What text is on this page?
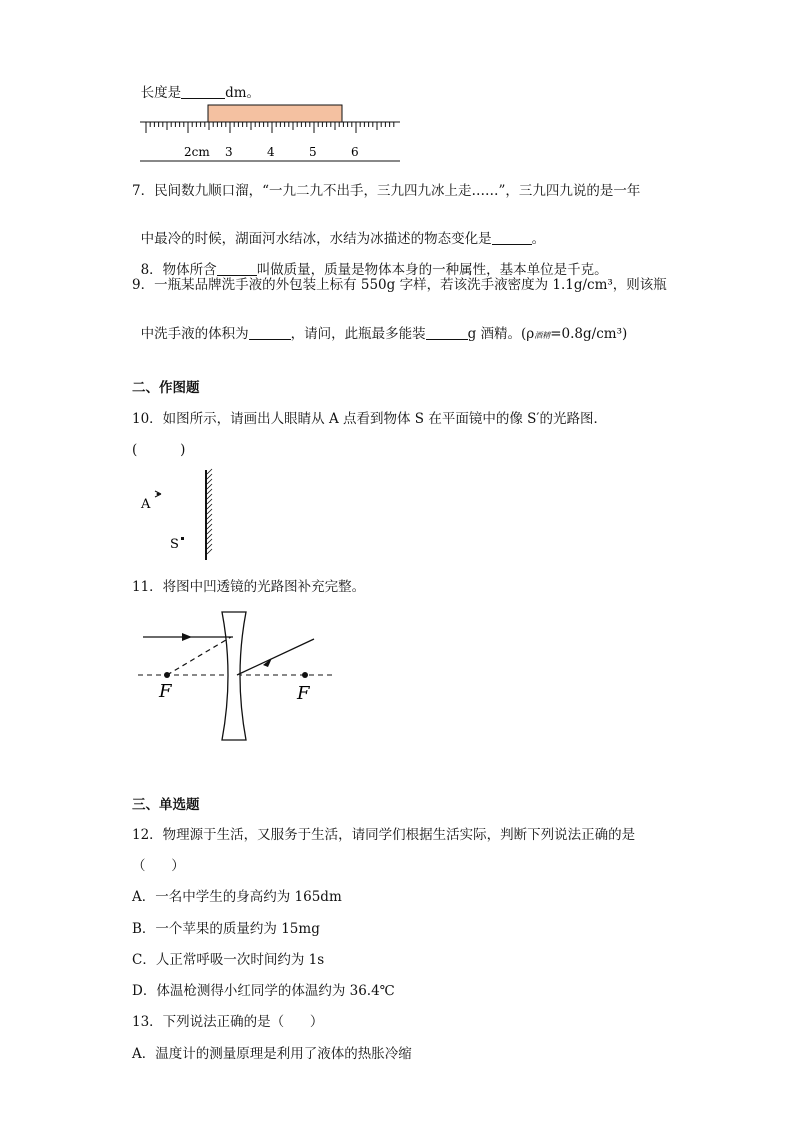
长度是	dm。

2cm 3	4	5	6
7．民间数九顺口溜，“一九二九不出手，三九四九冰上走……”，三九四九说的是一年

中最冷的时候，湖面河水结冰，水结为冰描述的物态变化是	。

8．物体所含	叫做质量，质量是物体本身的一种属性，基本单位是千克。

9．一瓶某品牌洗手液的外包装上标有 550g 字样，若该洗手液密度为 1.1g/cm³，则该瓶

中洗手液的体积为	，请问，此瓶最多能装	g 酒精。(ρ酒精=0.8g/cm³)

二、作图题
10．如图所示，请画出人眼睛从 A 点看到物体 S 在平面镜中的像 S′的光路图．
(          )
A
S
11．将图中凹透镜的光路图补充完整。
F	F
三、单选题
12．物理源于生活，又服务于生活，请同学们根据生活实际，判断下列说法正确的是
（      ）
A．一名中学生的身高约为 165dm
B．一个苹果的质量约为 15mg
C．人正常呼吸一次时间约为 1s
D．体温枪测得小红同学的体温约为 36.4℃
13．下列说法正确的是（      ）
A．温度计的测量原理是利用了液体的热胀冷缩
